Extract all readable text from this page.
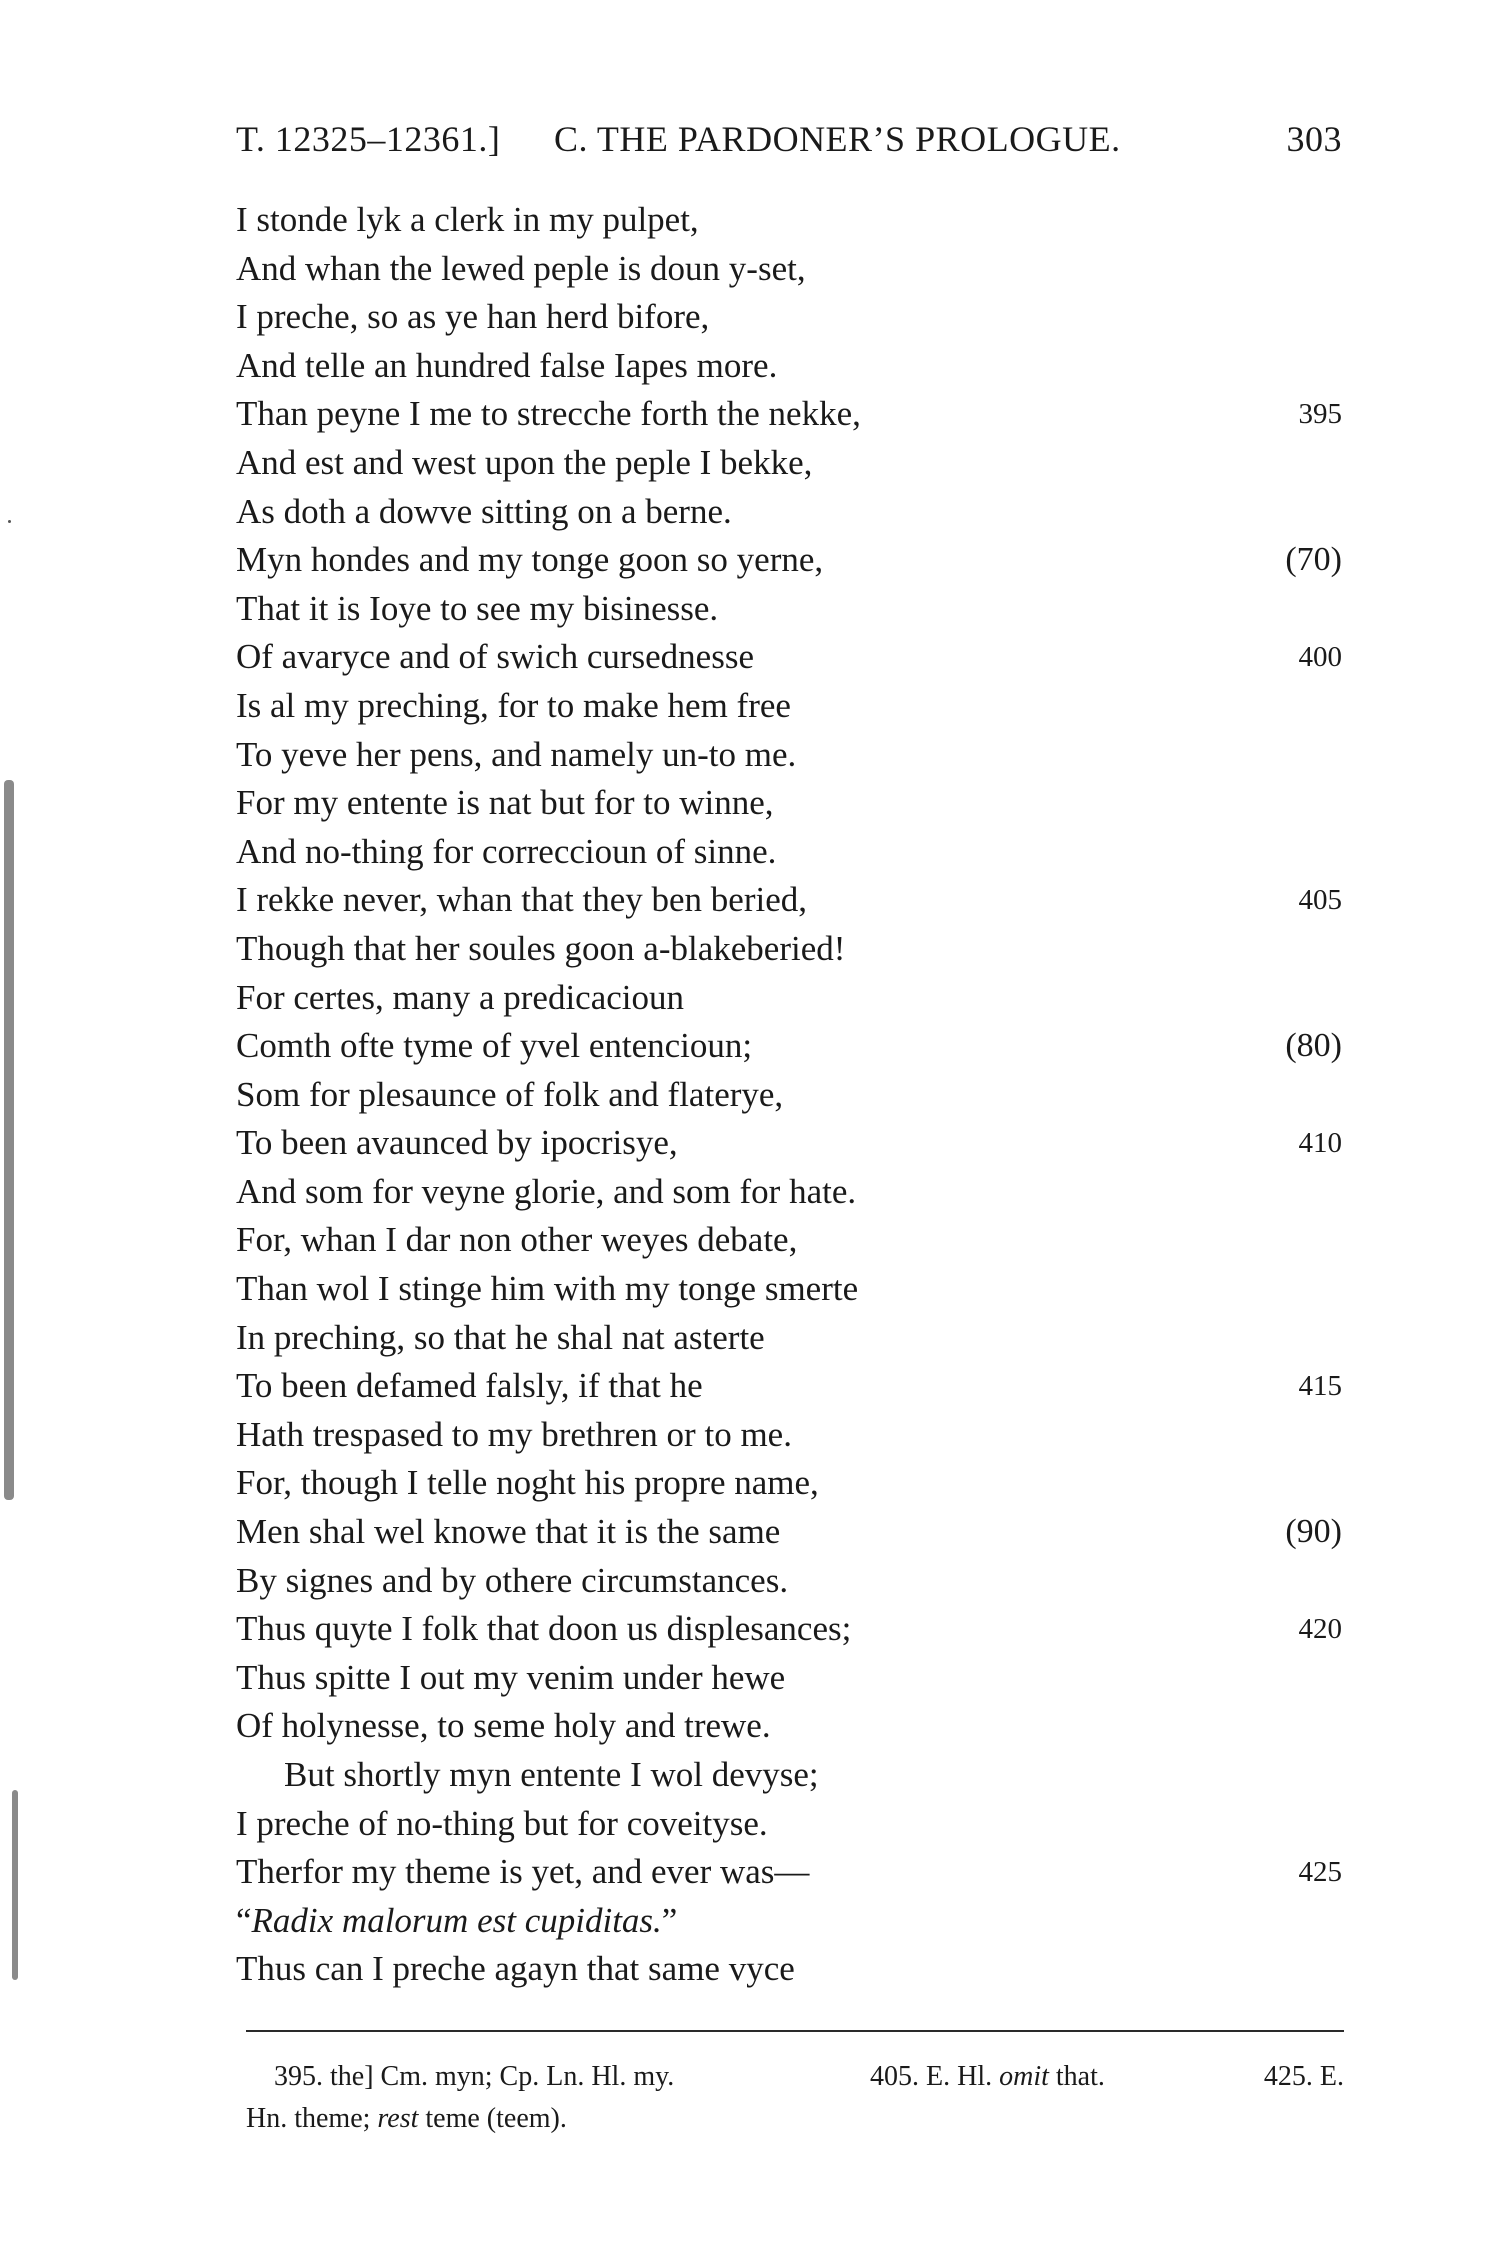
T. 12325–12361.] C. THE PARDONER’S PROLOGUE.	303
I stonde lyk a clerk in my pulpet,
And whan the lewed peple is doun y-set,
I preche, so as ye han herd bifore,
And telle an hundred false Iapes more.
Than peyne I me to strecche forth the nekke,	395
And est and west upon the peple I bekke,
As doth a dowve sitting on a berne.
Myn hondes and my tonge goon so yerne,	(70)
That it is Ioye to see my bisinesse.
Of avaryce and of swich cursednesse	400
Is al my preching, for to make hem free
To yeve her pens, and namely un-to me.
For my entente is nat but for to winne,
And no-thing for correccioun of sinne.
I rekke never, whan that they ben beried,	405
Though that her soules goon a-blakeberied!
For certes, many a predicacioun
Comth ofte tyme of yvel entencioun;	(80)
Som for plesaunce of folk and flaterye,
To been avaunced by ipocrisye,	410
And som for veyne glorie, and som for hate.
For, whan I dar non other weyes debate,
Than wol I stinge him with my tonge smerte
In preching, so that he shal nat asterte
To been defamed falsly, if that he	415
Hath trespased to my brethren or to me.
For, though I telle noght his propre name,
Men shal wel knowe that it is the same	(90)
By signes and by othere circumstances.
Thus quyte I folk that doon us displesances;	420
Thus spitte I out my venim under hewe
Of holynesse, to seme holy and trewe.
But shortly myn entente I wol devyse;
I preche of no-thing but for coveityse.
Therfor my theme is yet, and ever was—	425
“Radix malorum est cupiditas.”
Thus can I preche agayn that same vyce
395. the] Cm. myn; Cp. Ln. Hl. my.	405. E. Hl. omit that.	425. E.
Hn. theme; rest teme (teem).
